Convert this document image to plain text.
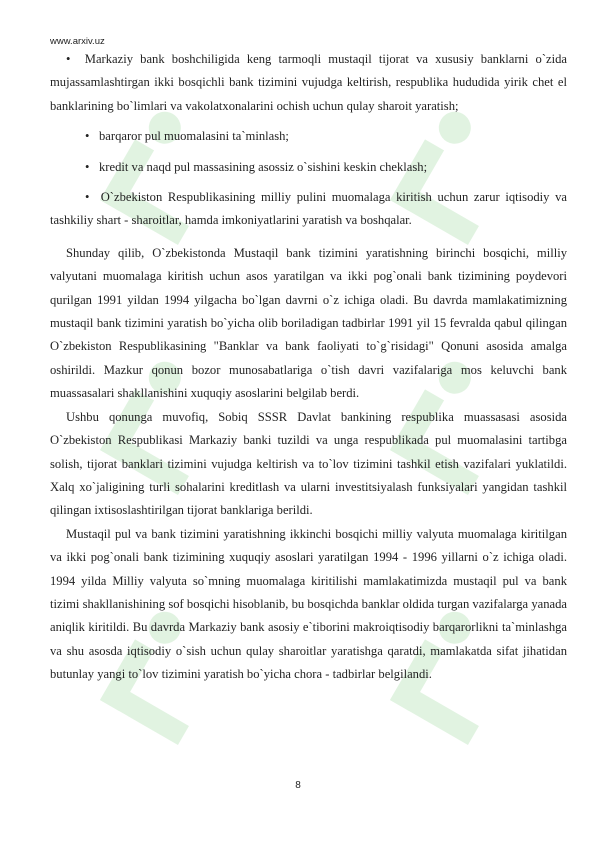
www.arxiv.uz

•  Markaziy bank boshchiligida keng tarmoqli mustaqil tijorat va xususiy banklarni o`zida mujassamlashtirgan ikki bosqichli bank tizimini vujudga keltirish, respublika hududida yirik chet el banklarining bo`limlari va vakolatxonalarini ochish uchun qulay sharoit yaratish;

• barqaror pul muomalasini ta`minlash;
• kredit va naqd pul massasining asossiz o`sishini keskin cheklash;

•  O`zbekiston Respublikasining milliy pulini muomalaga kiritish uchun zarur iqtisodiy va tashkiliy shart - sharoitlar, hamda imkoniyatlarini yaratish va boshqalar.

Shunday qilib, O`zbekistonda Mustaqil bank tizimini yaratishning birinchi bosqichi, milliy valyutani muomalaga kiritish uchun asos yaratilgan va ikki pog`onali bank tizimining poydevori qurilgan 1991 yildan 1994 yilgacha bo`lgan davrni o`z ichiga oladi. Bu davrda mamlakatimizning mustaqil bank tizimini yaratish bo`yicha olib boriladigan tadbirlar 1991 yil 15 fevralda qabul qilingan O`zbekiston Respublikasining "Banklar va bank faoliyati to`g`risidagi" Qonuni asosida amalga oshirildi. Mazkur qonun bozor munosabatlariga o`tish davri vazifalariga mos keluvchi bank muassasalari shakllanishini xuquqiy asoslarini belgilab berdi.

Ushbu qonunga muvofiq, Sobiq SSSR Davlat bankining respublika muassasasi asosida O`zbekiston Respublikasi Markaziy banki tuzildi va unga respublikada pul muomalasini tartibga solish, tijorat banklari tizimini vujudga keltirish va to`lov tizimini tashkil etish vazifalari yuklatildi. Xalq xo`jaligining turli sohalarini kreditlash va ularni investitsiyalash funksiyalari yangidan tashkil qilingan ixtisoslashtirilgan tijorat banklariga berildi.

Mustaqil pul va bank tizimini yaratishning ikkinchi bosqichi milliy valyuta muomalaga kiritilgan va ikki pog`onali bank tizimining xuquqiy asoslari yaratilgan 1994 - 1996 yillarni o`z ichiga oladi. 1994 yilda Milliy valyuta so`mning muomalaga kiritilishi mamlakatimizda mustaqil pul va bank tizimi shakllanishining sof bosqichi hisoblanib, bu bosqichda banklar oldida turgan vazifalarga yanada aniqlik kiritildi. Bu davrda Markaziy bank asosiy e`tiborini makroiqtisodiy barqarorlikni ta`minlashga va shu asosda iqtisodiy o`sish uchun qulay sharoitlar yaratishga qaratdi, mamlakatda sifat jihatidan butunlay yangi to`lov tizimini yaratish bo`yicha chora - tadbirlar belgilandi.

8
